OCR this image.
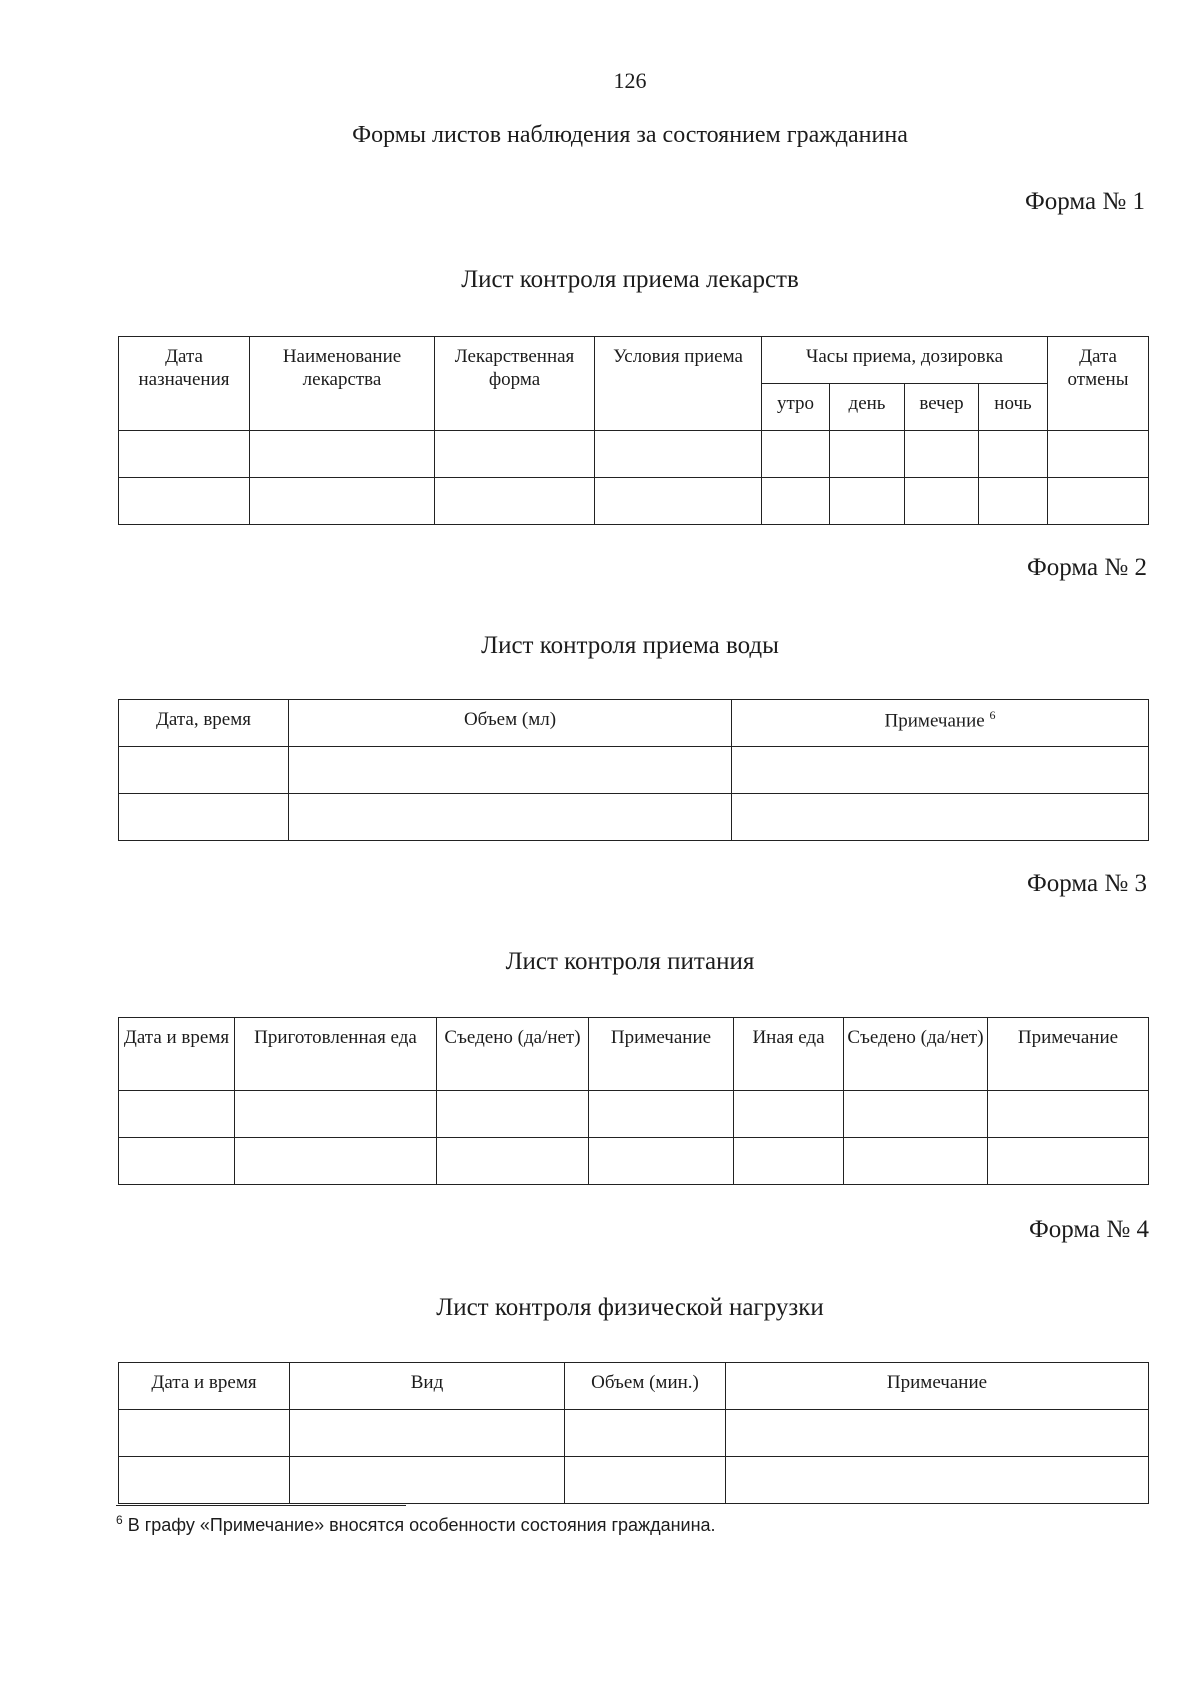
126
Формы листов наблюдения за состоянием гражданина
Форма № 1
Лист контроля приема лекарств
Дата назначения	Наименование лекарства	Лекарственная форма	Условия приема	Часы приема, дозировка				Дата отмены
				утро	день	вечер	ночь	

Форма № 2
Лист контроля приема воды
Дата, время	Объем (мл)	Примечание $^6$

Форма № 3
Лист контроля питания
Дата и время	Приготовленная еда	Съедено (да/нет)	Примечание	Иная еда	Съедено (да/нет)	Примечание

Форма № 4
Лист контроля физической нагрузки
Дата и время	Вид	Объем (мин.)	Примечание

$^6$ В графу «Примечание» вносятся особенности состояния гражданина.
